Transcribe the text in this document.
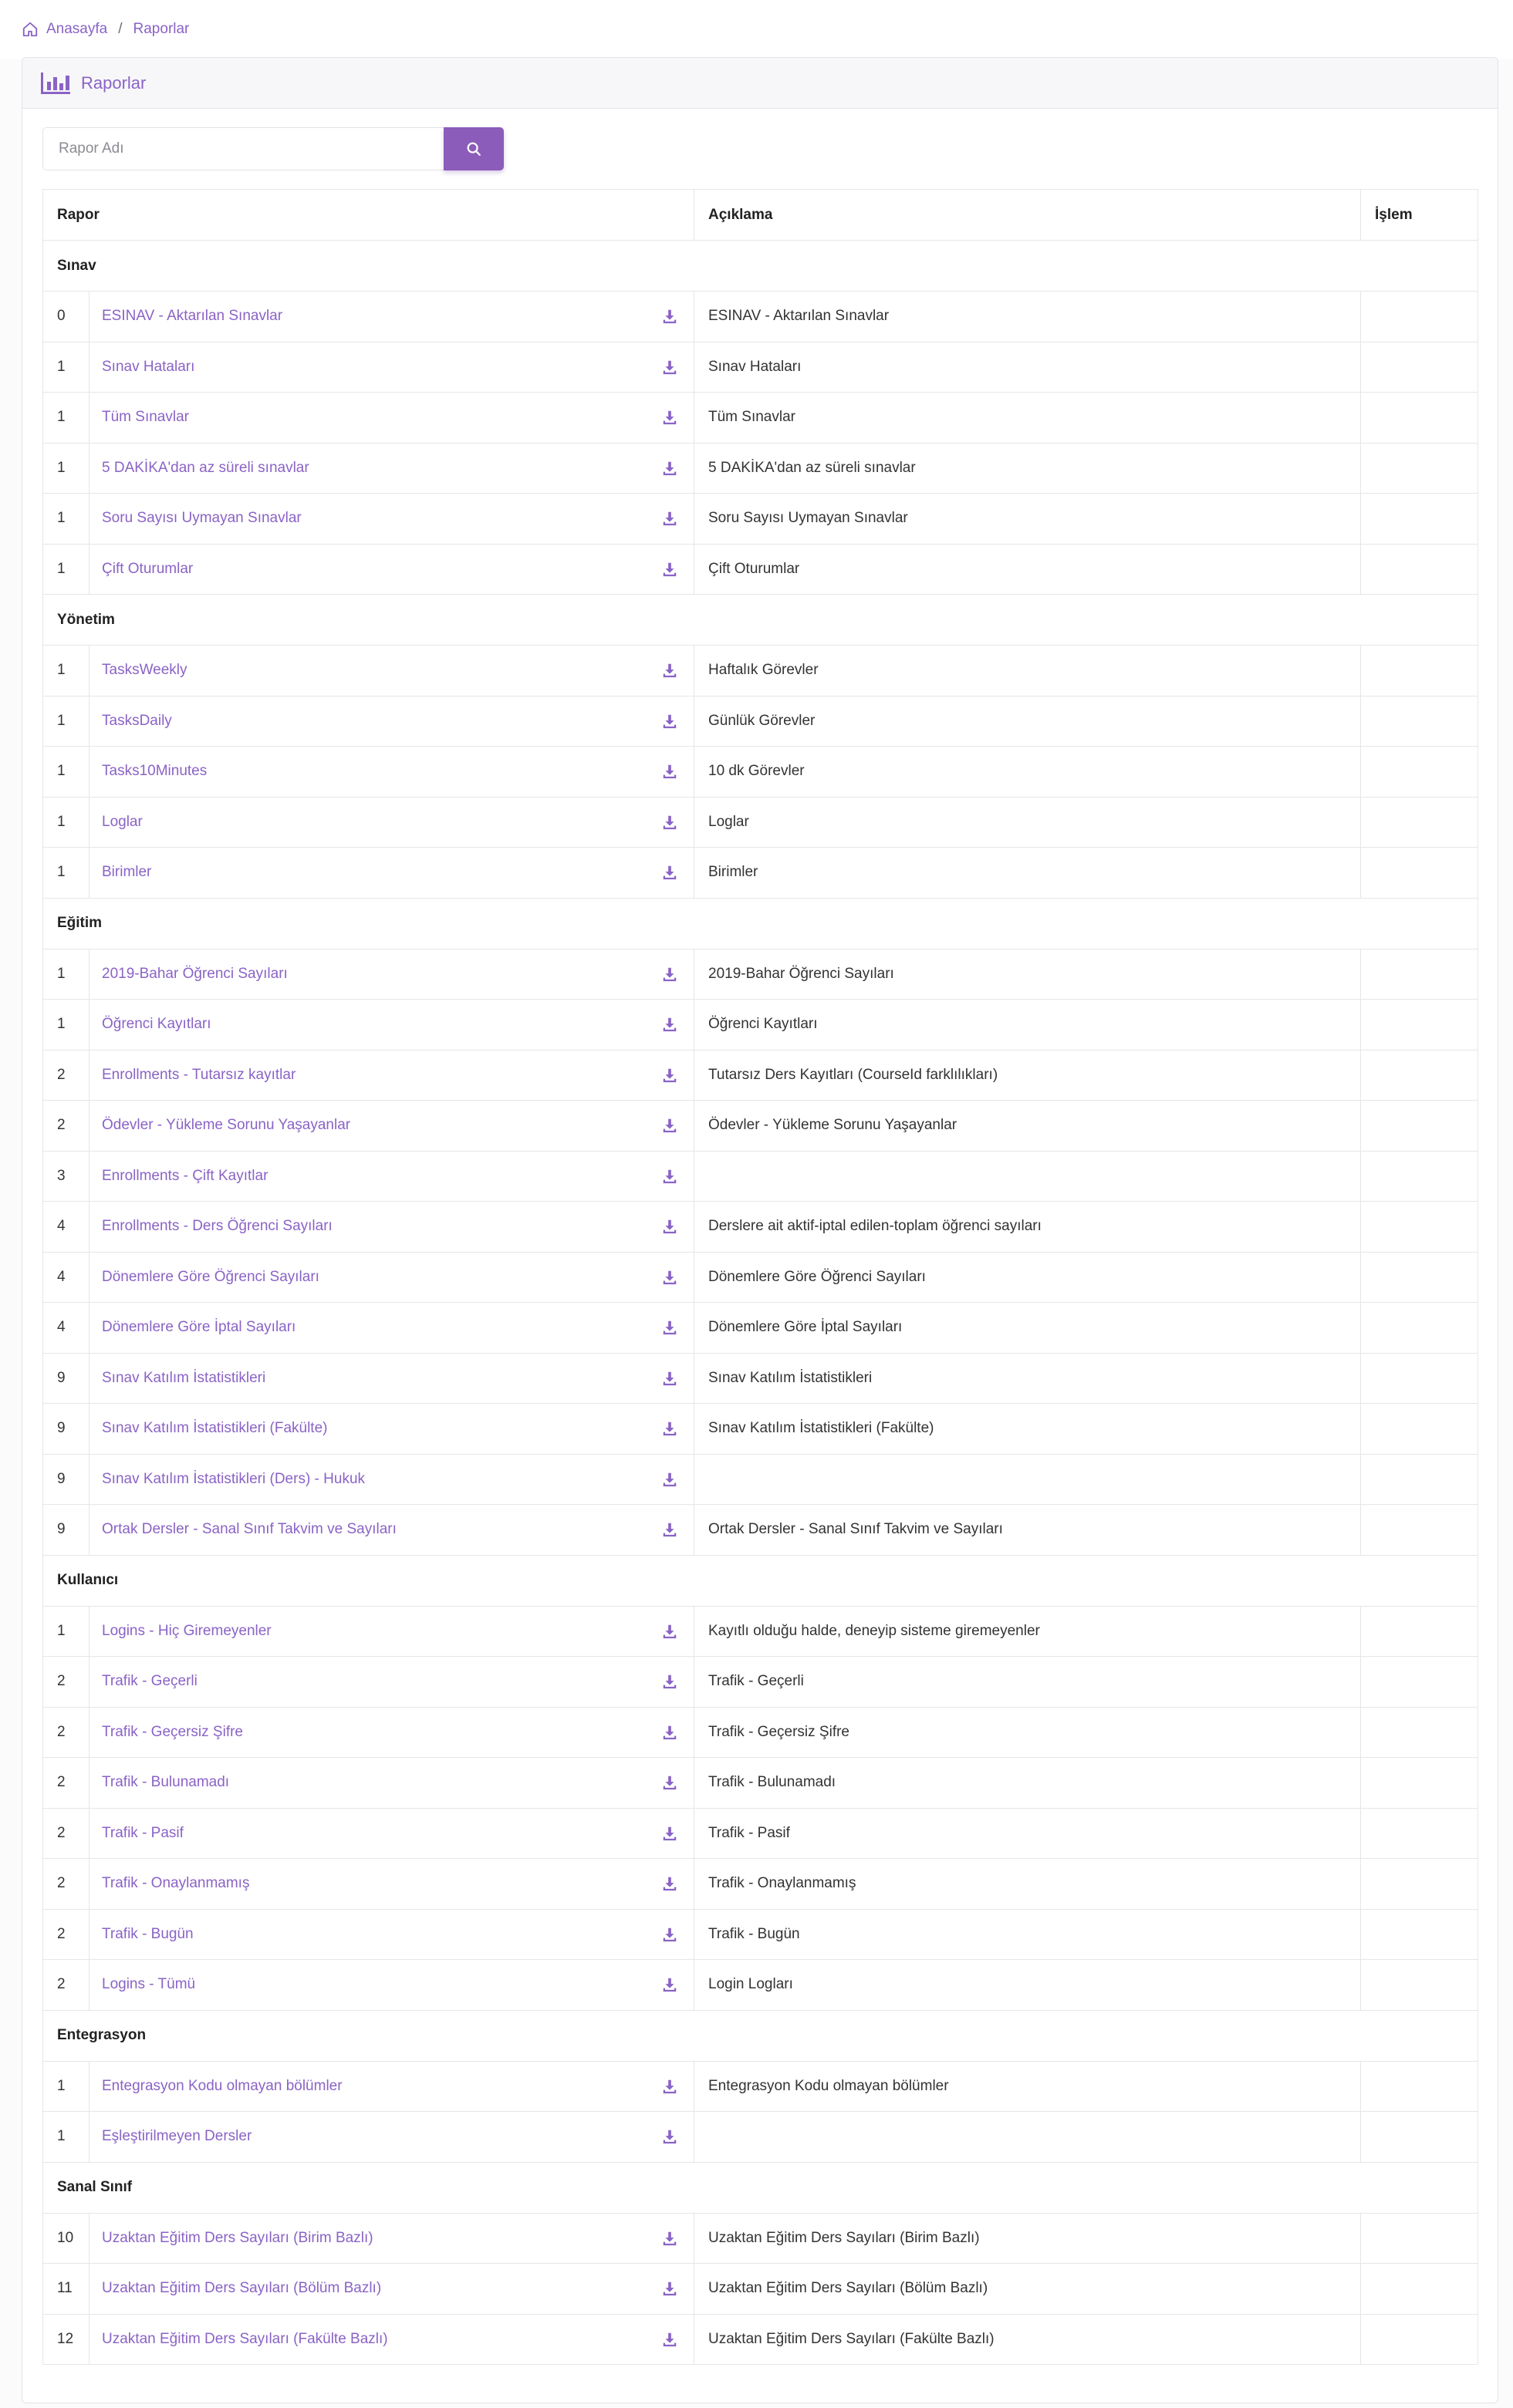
Anasayfa / Raporlar
Raporlar
Rapor Adı
Rapor		Açıklama	İşlem
Sınav			
0	ESINAV - Aktarılan Sınavlar	ESINAV - Aktarılan Sınavlar	
1	Sınav Hataları	Sınav Hataları	
1	Tüm Sınavlar	Tüm Sınavlar	
1	5 DAKİKA'dan az süreli sınavlar	5 DAKİKA'dan az süreli sınavlar	
1	Soru Sayısı Uymayan Sınavlar	Soru Sayısı Uymayan Sınavlar	
1	Çift Oturumlar	Çift Oturumlar	
Yönetim			
1	TasksWeekly	Haftalık Görevler	
1	TasksDaily	Günlük Görevler	
1	Tasks10Minutes	10 dk Görevler	
1	Loglar	Loglar	
1	Birimler	Birimler	
Eğitim			
1	2019-Bahar Öğrenci Sayıları	2019-Bahar Öğrenci Sayıları	
1	Öğrenci Kayıtları	Öğrenci Kayıtları	
2	Enrollments - Tutarsız kayıtlar	Tutarsız Ders Kayıtları (CourseId farklılıkları)	
2	Ödevler - Yükleme Sorunu Yaşayanlar	Ödevler - Yükleme Sorunu Yaşayanlar	
3	Enrollments - Çift Kayıtlar

4	Enrollments - Ders Öğrenci Sayıları	Derslere ait aktif-iptal edilen-toplam öğrenci sayıları	
4	Dönemlere Göre Öğrenci Sayıları	Dönemlere Göre Öğrenci Sayıları	
4	Dönemlere Göre İptal Sayıları	Dönemlere Göre İptal Sayıları	
9	Sınav Katılım İstatistikleri	Sınav Katılım İstatistikleri	
9	Sınav Katılım İstatistikleri (Fakülte)	Sınav Katılım İstatistikleri (Fakülte)	
9	Sınav Katılım İstatistikleri (Ders) - Hukuk

9	Ortak Dersler - Sanal Sınıf Takvim ve Sayıları	Ortak Dersler - Sanal Sınıf Takvim ve Sayıları	
Kullanıcı			
1	Logins - Hiç Giremeyenler	Kayıtlı olduğu halde, deneyip sisteme giremeyenler	
2	Trafik - Geçerli	Trafik - Geçerli	
2	Trafik - Geçersiz Şifre	Trafik - Geçersiz Şifre	
2	Trafik - Bulunamadı	Trafik - Bulunamadı	
2	Trafik - Pasif	Trafik - Pasif	
2	Trafik - Onaylanmamış	Trafik - Onaylanmamış	
2	Trafik - Bugün	Trafik - Bugün	
2	Logins - Tümü	Login Logları	
Entegrasyon			
1	Entegrasyon Kodu olmayan bölümler	Entegrasyon Kodu olmayan bölümler	
1	Eşleştirilmeyen Dersler

Sanal Sınıf			
10	Uzaktan Eğitim Ders Sayıları (Birim Bazlı)	Uzaktan Eğitim Ders Sayıları (Birim Bazlı)	
11	Uzaktan Eğitim Ders Sayıları (Bölüm Bazlı)	Uzaktan Eğitim Ders Sayıları (Bölüm Bazlı)	
12	Uzaktan Eğitim Ders Sayıları (Fakülte Bazlı)	Uzaktan Eğitim Ders Sayıları (Fakülte Bazlı)	
